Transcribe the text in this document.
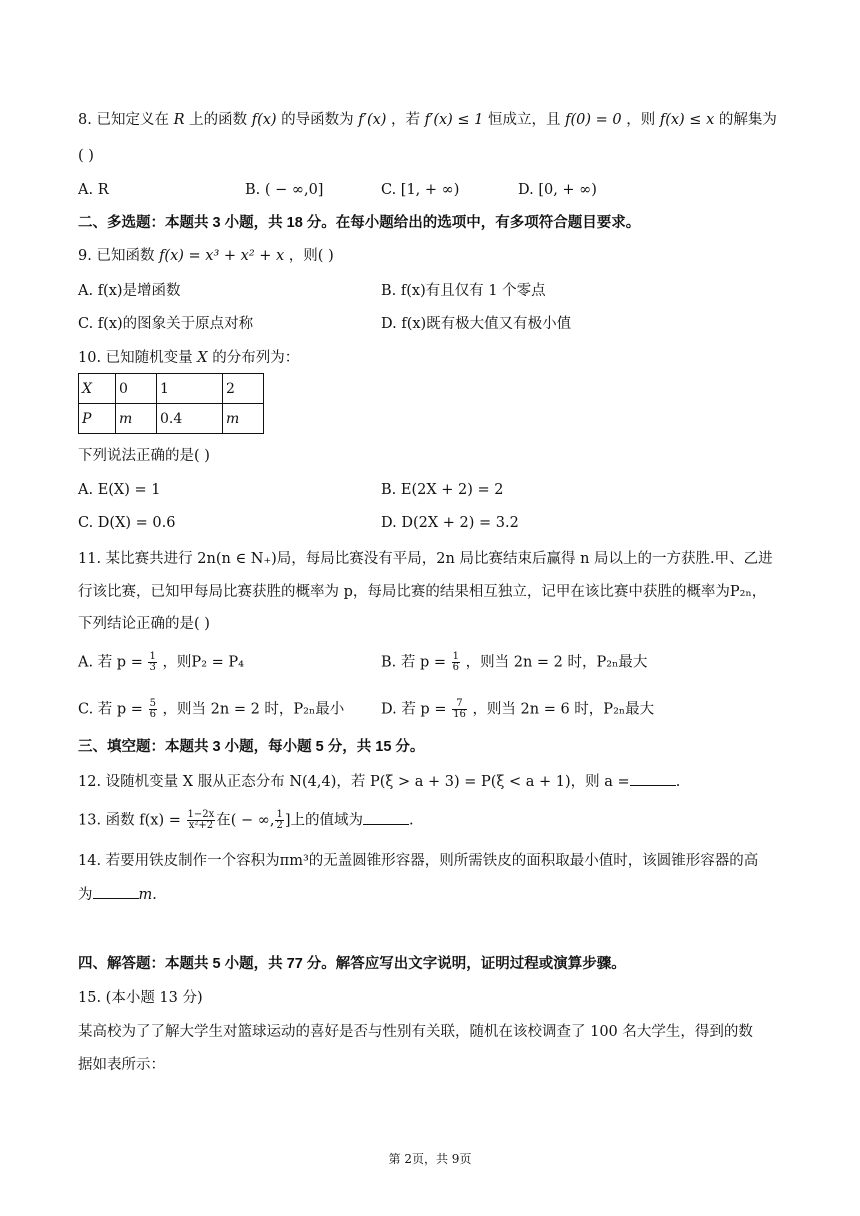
8. 已知定义在 R 上的函数 f(x) 的导函数为 f′(x) ，若 f′(x) ≤ 1 恒成立，且 f(0) = 0 ，则 f(x) ≤ x 的解集为
( )
A. R	B. ( − ∞,0]	C. [1, + ∞)	D. [0, + ∞)
二、多选题：本题共 3 小题，共 18 分。在每小题给出的选项中，有多项符合题目要求。
9. 已知函数 f(x) = x³ + x² + x ，则( )
A. f(x)是增函数	B. f(x)有且仅有 1 个零点
C. f(x)的图象关于原点对称	D. f(x)既有极大值又有极小值
10. 已知随机变量 X 的分布列为：
X	0	1	2
P	m	0.4	m
下列说法正确的是( )
A. E(X) = 1	B. E(2X + 2) = 2
C. D(X) = 0.6	D. D(2X + 2) = 3.2
11. 某比赛共进行 2n(n ∈ N₊)局，每局比赛没有平局，2n 局比赛结束后赢得 n 局以上的一方获胜.甲、乙进
行该比赛，已知甲每局比赛获胜的概率为 p，每局比赛的结果相互独立，记甲在该比赛中获胜的概率为P₂ₙ，
下列结论正确的是( )
A. 若 $p = \frac{1}{3}$ ，则P₂ = P₄	B. 若 $p = \frac{1}{6}$ ，则当 2n = 2 时，P₂ₙ最大
C. 若 $p = \frac{5}{6}$ ，则当 2n = 2 时，P₂ₙ最小	D. 若 $p = \frac{7}{16}$ ，则当 2n = 6 时，P₂ₙ最大
三、填空题：本题共 3 小题，每小题 5 分，共 15 分。
12. 设随机变量 X 服从正态分布 N(4,4)，若 P(ξ > a + 3) = P(ξ < a + 1)，则 a =	.
13. 函数 $f(x) = \frac{1-2x}{\text{x²+2}}$ 在( − ∞, $\frac{1}{2}$ ]上的值域为	.
14. 若要用铁皮制作一个容积为πm³的无盖圆锥形容器，则所需铁皮的面积取最小值时，该圆锥形容器的高
为	m.
四、解答题：本题共 5 小题，共 77 分。解答应写出文字说明，证明过程或演算步骤。
15. (本小题 13 分)
某高校为了了解大学生对篮球运动的喜好是否与性别有关联，随机在该校调查了 100 名大学生，得到的数
据如表所示：
第 2页，共 9页
